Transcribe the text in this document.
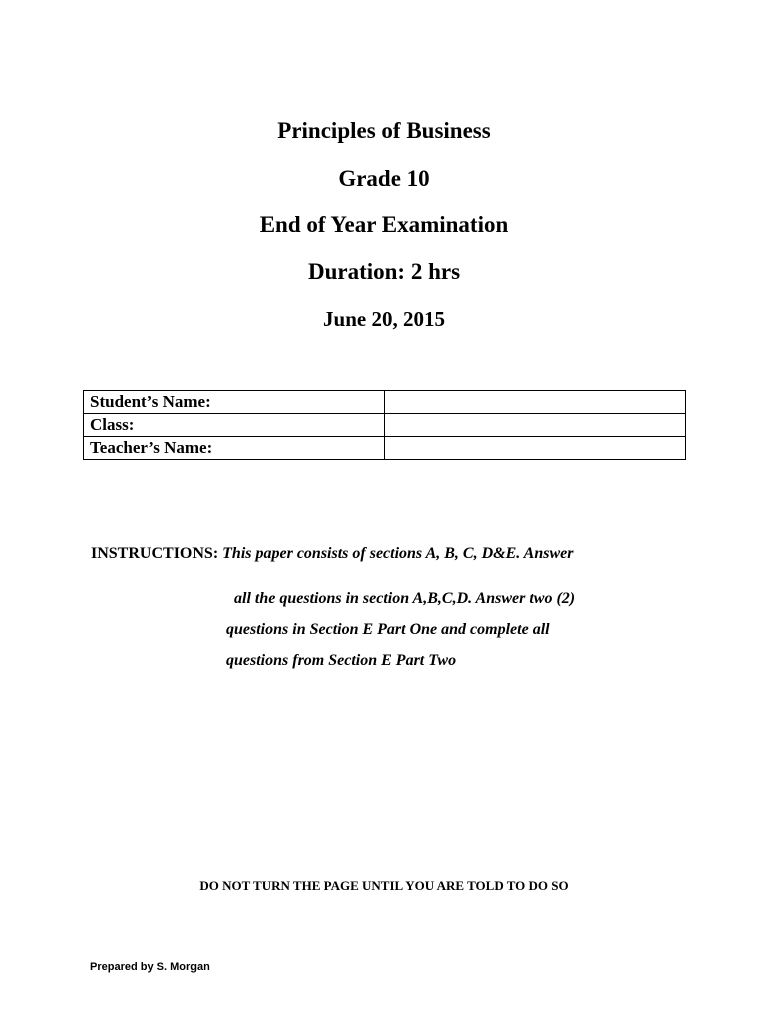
Principles of Business
Grade 10
End of Year Examination
Duration: 2 hrs
June 20, 2015
Student’s Name:	
Class:	
Teacher’s Name:	
INSTRUCTIONS: This paper consists of sections A, B, C, D&E. Answer
all the questions in section A,B,C,D. Answer two (2)
questions in Section E Part One and complete all
questions from Section E Part Two
DO NOT TURN THE PAGE UNTIL YOU ARE TOLD TO DO SO
Prepared by S. Morgan
